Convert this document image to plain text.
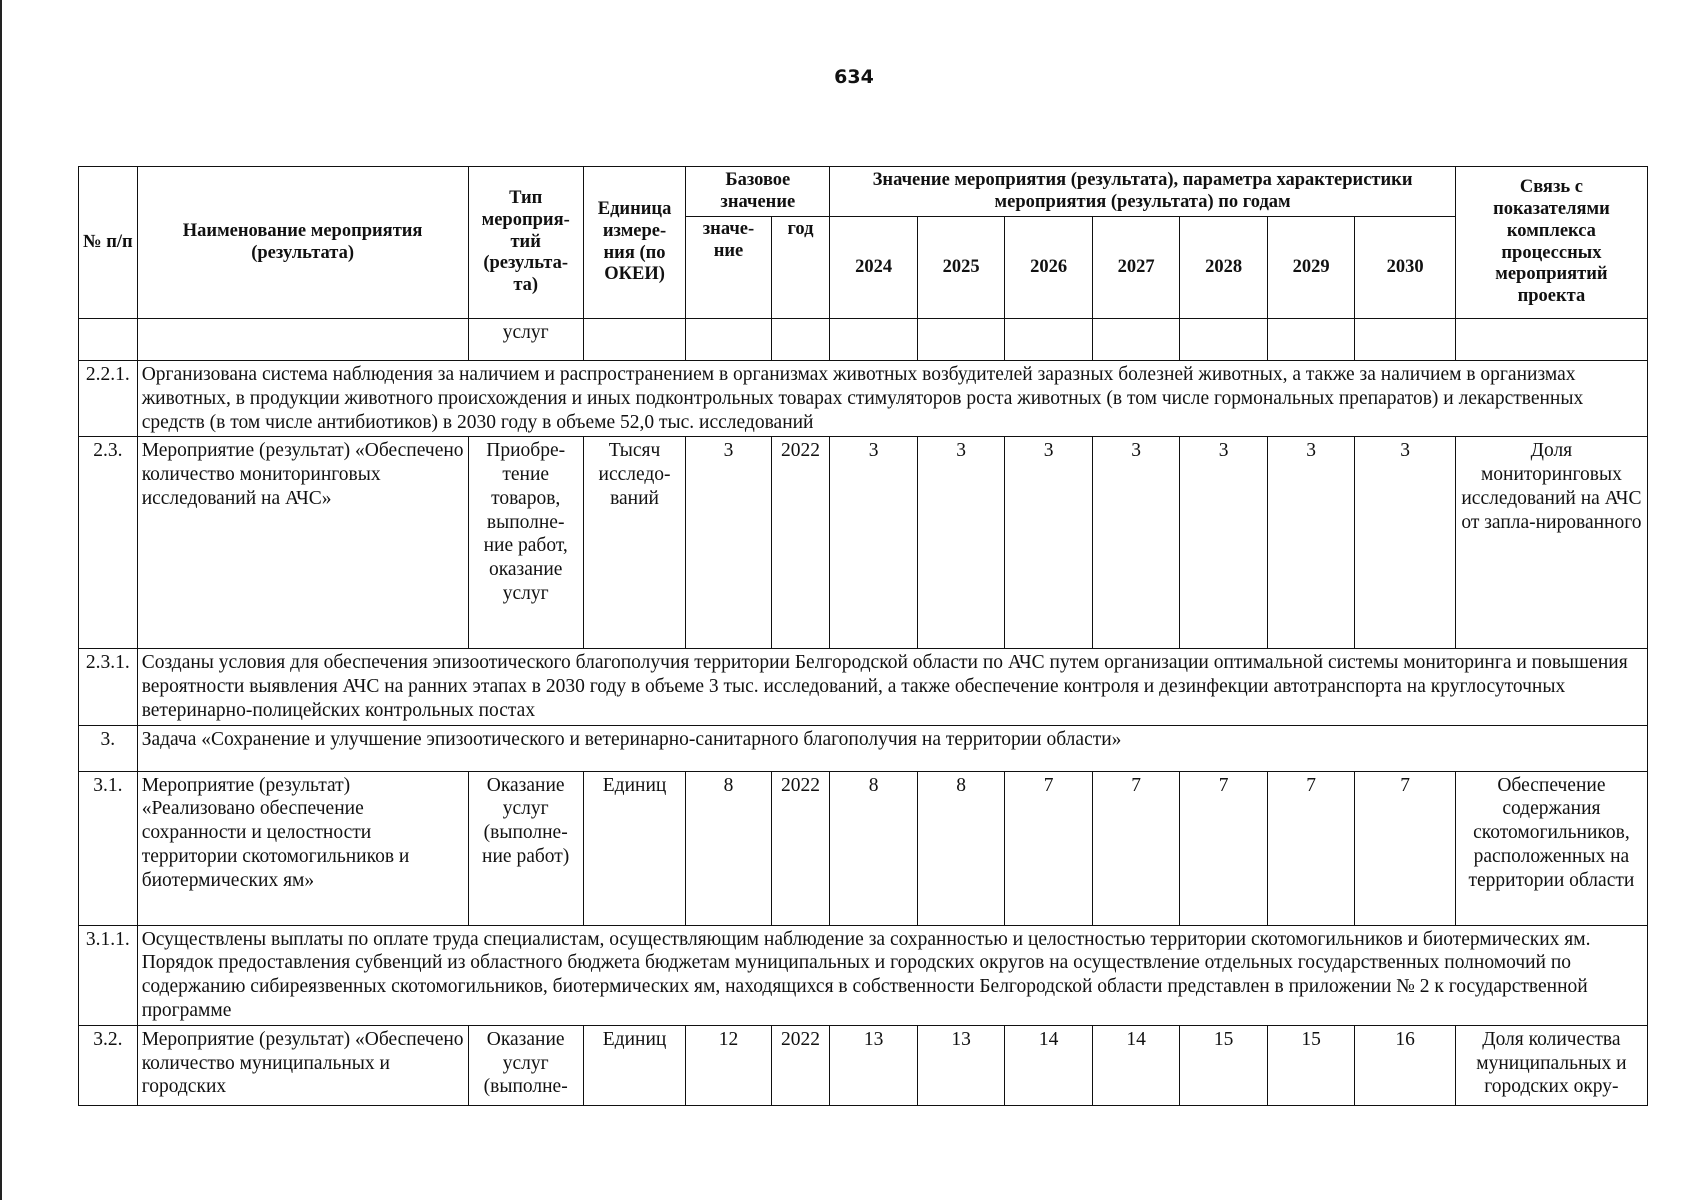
634
№ п/п	Наименование мероприятия (результата)	Тип мероприя-тий (результа-та)	Единица измере-ния (по ОКЕИ)	Базовое значение		Значение мероприятия (результата), параметра характеристики мероприятия (результата) по годам							Связь с показателями комплекса процессных мероприятий проекта
				значе-ние	год	2024	2025	2026	2027	2028	2029	2030	
		услуг											
2.2.1.	Организована система наблюдения за наличием и распространением в организмах животных возбудителей заразных болезней животных, а также за наличием в организмах животных, в продукции животного происхождения и иных подконтрольных товарах стимуляторов роста животных (в том числе гормональных препаратов) и лекарственных средств (в том числе антибиотиков) в 2030 году в объеме 52,0 тыс. исследований												
2.3.	Мероприятие (результат) «Обеспечено количество мониторинговых исследований на АЧС»	Приобре-тение товаров, выполне-ние работ, оказание услуг	Тысяч исследо-ваний	3	2022	3	3	3	3	3	3	3	Доля мониторинговых исследований на АЧС от запла-нированного
2.3.1.	Созданы условия для обеспечения эпизоотического благополучия территории Белгородской области по АЧС путем организации оптимальной системы мониторинга и повышения вероятности выявления АЧС на ранних этапах в 2030 году в объеме 3 тыс. исследований, а также обеспечение контроля и дезинфекции автотранспорта на круглосуточных ветеринарно-полицейских контрольных постах												
3.	Задача «Сохранение и улучшение эпизоотического и ветеринарно-санитарного благополучия на территории области»												
3.1.	Мероприятие (результат) «Реализовано обеспечение сохранности и целостности территории скотомогильников и биотермических ям»	Оказание услуг (выполне-ние работ)	Единиц	8	2022	8	8	7	7	7	7	7	Обеспечение содержания скотомогильников, расположенных на территории области
3.1.1.	Осуществлены выплаты по оплате труда специалистам, осуществляющим наблюдение за сохранностью и целостностью территории скотомогильников и биотермических ям. Порядок предоставления субвенций из областного бюджета бюджетам муниципальных и городских округов на осуществление отдельных государственных полномочий по содержанию сибиреязвенных скотомогильников, биотермических ям, находящихся в собственности Белгородской области представлен в приложении № 2 к государственной программе												
3.2.	Мероприятие (результат) «Обеспечено количество муниципальных и городских	Оказание услуг (выполне-	Единиц	12	2022	13	13	14	14	15	15	16	Доля количества муниципальных и городских окру-
